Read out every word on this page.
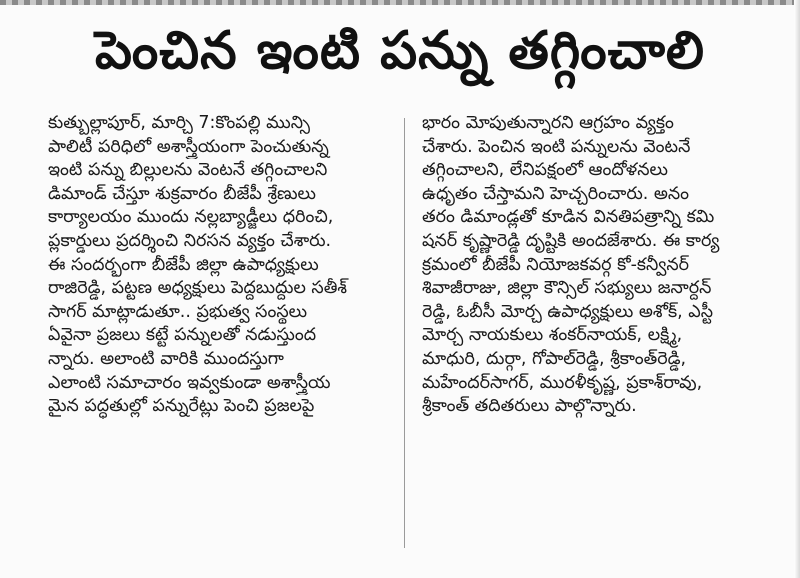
పెంచిన ఇంటి పన్ను తగ్గించాలి
కుత్బుల్లాపూర్, మార్చి 7:కొంపల్లి మున్సి
పాలిటీ పరిధిలో అశాస్త్రీయంగా పెంచుతున్న
ఇంటి పన్ను బిల్లులను వెంటనే తగ్గించాలని
డిమాండ్ చేస్తూ శుక్రవారం బీజేపీ శ్రేణులు
కార్యాలయం ముందు నల్లబ్యాడ్జీలు ధరించి,
ప్లకార్డులు ప్రదర్శించి నిరసన వ్యక్తం చేశారు.
ఈ సందర్భంగా బీజేపీ జిల్లా ఉపాధ్యక్షులు
రాజిరెడ్డి, పట్టణ అధ్యక్షులు పెద్దబుద్దుల సతీశ్
సాగర్ మాట్లాడుతూ.. ప్రభుత్వ సంస్థలు
ఏవైనా ప్రజలు కట్టే పన్నులతో నడుస్తుంద
న్నారు. అలాంటి వారికి ముందస్తుగా
ఎలాంటి సమాచారం ఇవ్వకుండా అశాస్త్రీయ
మైన పద్ధతుల్లో పన్నురేట్లు పెంచి ప్రజలపై
భారం మోపుతున్నారని ఆగ్రహం వ్యక్తం
చేశారు. పెంచిన ఇంటి పన్నులను వెంటనే
తగ్గించాలని, లేనిపక్షంలో ఆందోళనలు
ఉధృతం చేస్తామని హెచ్చరించారు. అనం
తరం డిమాండ్లతో కూడిన వినతిపత్రాన్ని కమి
షనర్ కృష్ణారెడ్డి దృష్టికి అందజేశారు. ఈ కార్య
క్రమంలో బీజేపీ నియోజకవర్గ కో-కన్వీనర్
శివాజీరాజు, జిల్లా కౌన్సిల్ సభ్యులు జనార్దన్
రెడ్డి, ఓబీసీ మోర్చ ఉపాధ్యక్షులు అశోక్, ఎస్టీ
మోర్చ నాయకులు శంకర్‌నాయక్, లక్ష్మి,
మాధురి, దుర్గా, గోపాల్‌రెడ్డి, శ్రీకాంత్‌రెడ్డి,
మహేందర్‌సాగర్, మురళీకృష్ణ, ప్రకాశ్‌రావు,
శ్రీకాంత్ తదితరులు పాల్గొన్నారు.
